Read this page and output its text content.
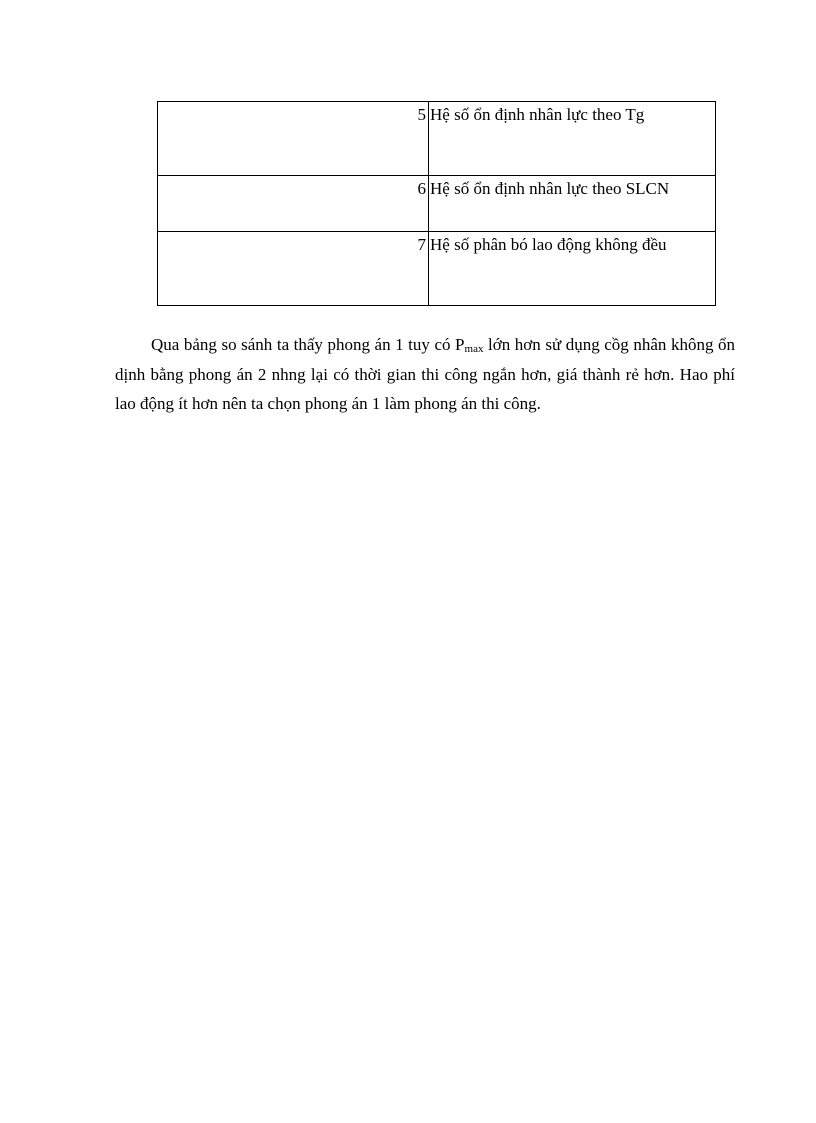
5	Hệ số ổn định nhân lực theo Tg
6	Hệ số ổn định nhân lực theo SLCN
7	Hệ số phân bó lao động không đều

Qua bảng so sánh ta thấy phong án 1 tuy có $P_{max}$ lớn hơn sử dụng cồg nhân không ổn dịnh bằng phong án 2 nhng lại có thời gian thi công ngắn hơn, giá thành rẻ hơn. Hao phí lao động ít hơn nên ta chọn phong án 1 làm phong án thi công.
